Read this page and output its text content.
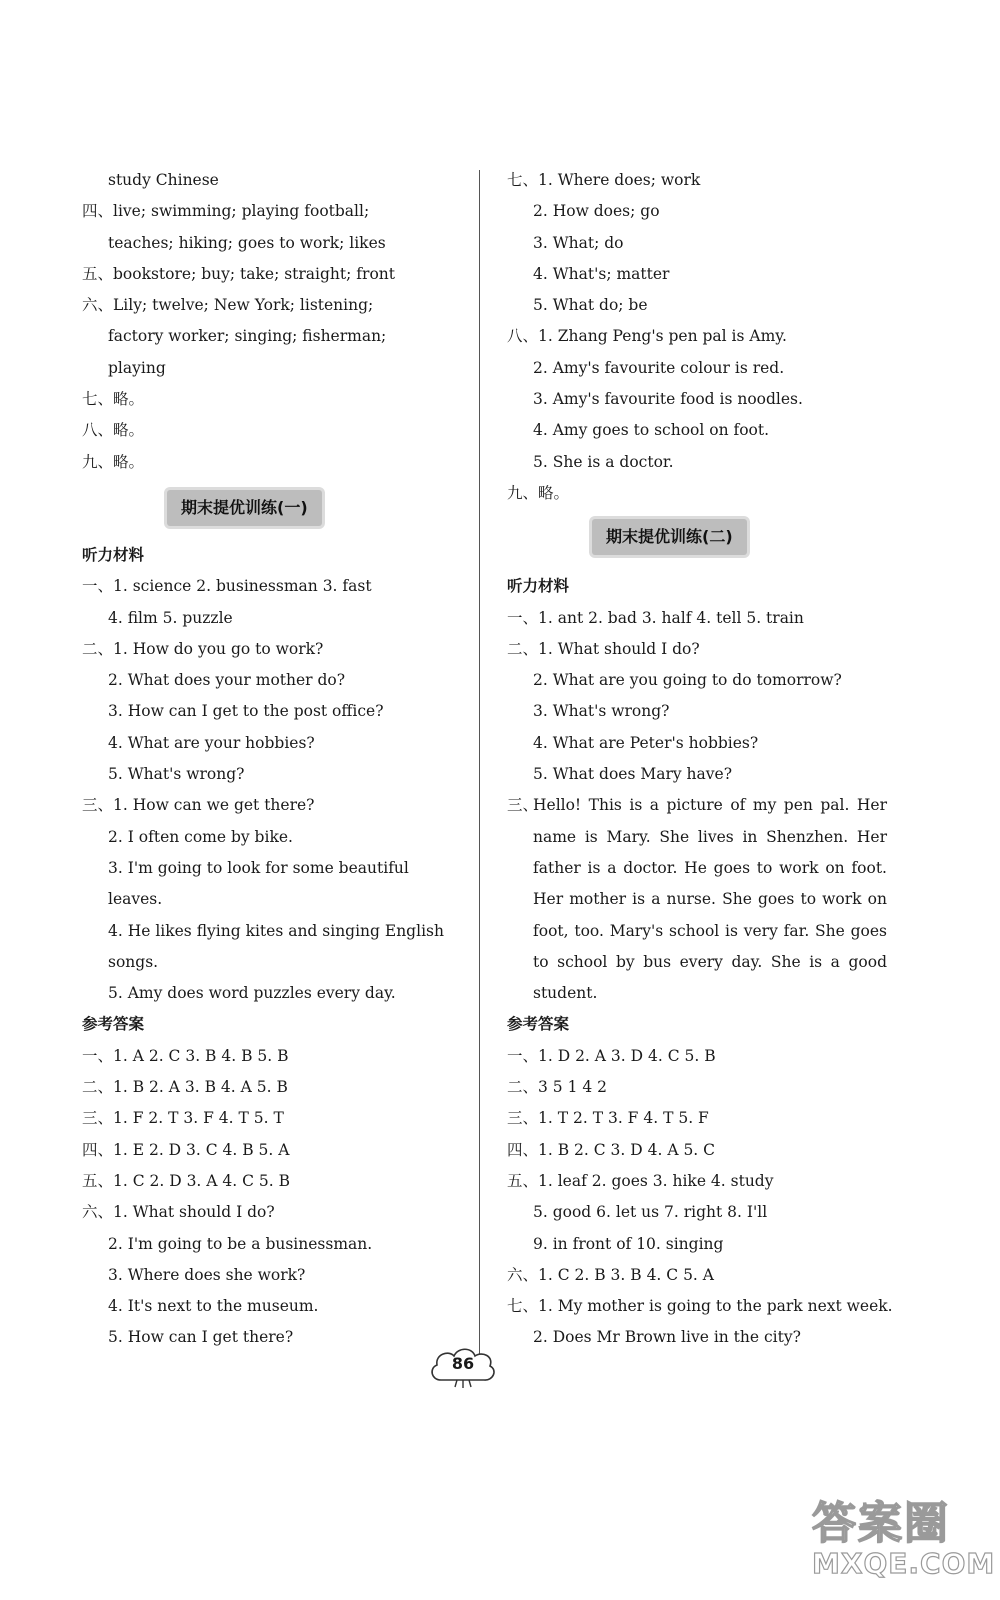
study Chinese
四、live; swimming; playing football;
teaches; hiking; goes to work; likes
五、bookstore; buy; take; straight; front
六、Lily; twelve; New York; listening;
factory worker; singing; fisherman;
playing
七、略。
八、略。
九、略。
期末提优训练(一)
听力材料
一、1. science 2. businessman 3. fast
4. film 5. puzzle
二、1. How do you go to work?
2. What does your mother do?
3. How can I get to the post office?
4. What are your hobbies?
5. What's wrong?
三、1. How can we get there?
2. I often come by bike.
3. I'm going to look for some beautiful
leaves.
4. He likes flying kites and singing English
songs.
5. Amy does word puzzles every day.
参考答案
一、1. A 2. C 3. B 4. B 5. B
二、1. B 2. A 3. B 4. A 5. B
三、1. F 2. T 3. F 4. T 5. T
四、1. E 2. D 3. C 4. B 5. A
五、1. C 2. D 3. A 4. C 5. B
六、1. What should I do?
2. I'm going to be a businessman.
3. Where does she work?
4. It's next to the museum.
5. How can I get there?
七、1. Where does; work
2. How does; go
3. What; do
4. What's; matter
5. What do; be
八、1. Zhang Peng's pen pal is Amy.
2. Amy's favourite colour is red.
3. Amy's favourite food is noodles.
4. Amy goes to school on foot.
5. She is a doctor.
九、略。
期末提优训练(二)
听力材料
一、1. ant 2. bad 3. half 4. tell 5. train
二、1. What should I do?
2. What are you going to do tomorrow?
3. What's wrong?
4. What are Peter's hobbies?
5. What does Mary have?
三、Hello! This is a picture of my pen pal. Her name is Mary. She lives in Shenzhen. Her father is a doctor. He goes to work on foot. Her mother is a nurse. She goes to work on foot, too. Mary's school is very far. She goes to school by bus every day. She is a good student.
参考答案
一、1. D 2. A 3. D 4. C 5. B
二、3 5 1 4 2
三、1. T 2. T 3. F 4. T 5. F
四、1. B 2. C 3. D 4. A 5. C
五、1. leaf 2. goes 3. hike 4. study
5. good 6. let us 7. right 8. I'll
9. in front of 10. singing
六、1. C 2. B 3. B 4. C 5. A
七、1. My mother is going to the park next week.
2. Does Mr Brown live in the city?
86
答案圈
MXQE.COM
